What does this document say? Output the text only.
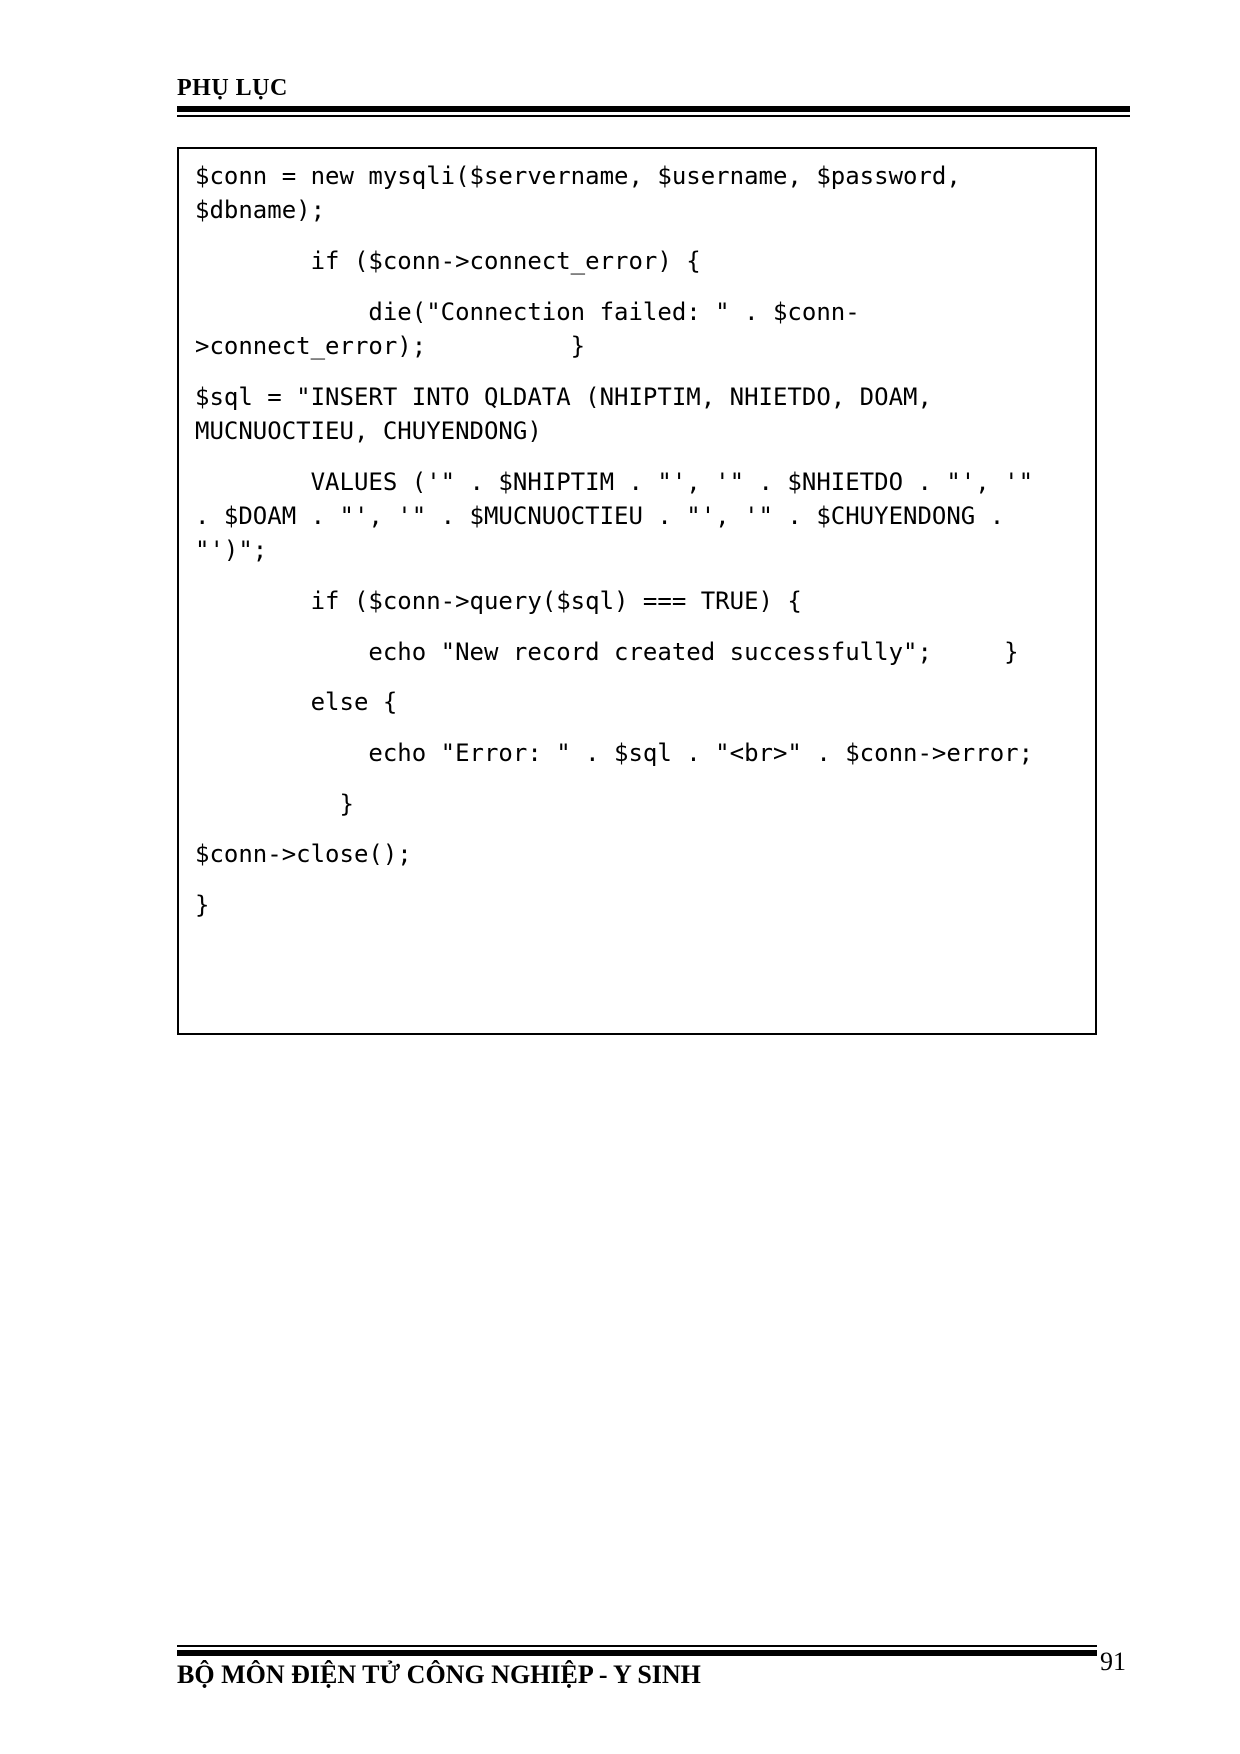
PHỤ LỤC
$conn = new mysqli($servername, $username, $password,
$dbname);
if ($conn->connect_error) {
die("Connection failed: " . $conn-
>connect_error);          }
$sql = "INSERT INTO QLDATA (NHIPTIM, NHIETDO, DOAM,
MUCNUOCTIEU, CHUYENDONG)
VALUES ('" . $NHIPTIM . "', '" . $NHIETDO . "', '"
. $DOAM . "', '" . $MUCNUOCTIEU . "', '" . $CHUYENDONG .
"')";
if ($conn->query($sql) === TRUE) {
echo "New record created successfully";     }
else {
echo "Error: " . $sql . "<br>" . $conn->error;
}
$conn->close();
}
BỘ MÔN ĐIỆN TỬ CÔNG NGHIỆP - Y SINH	91
